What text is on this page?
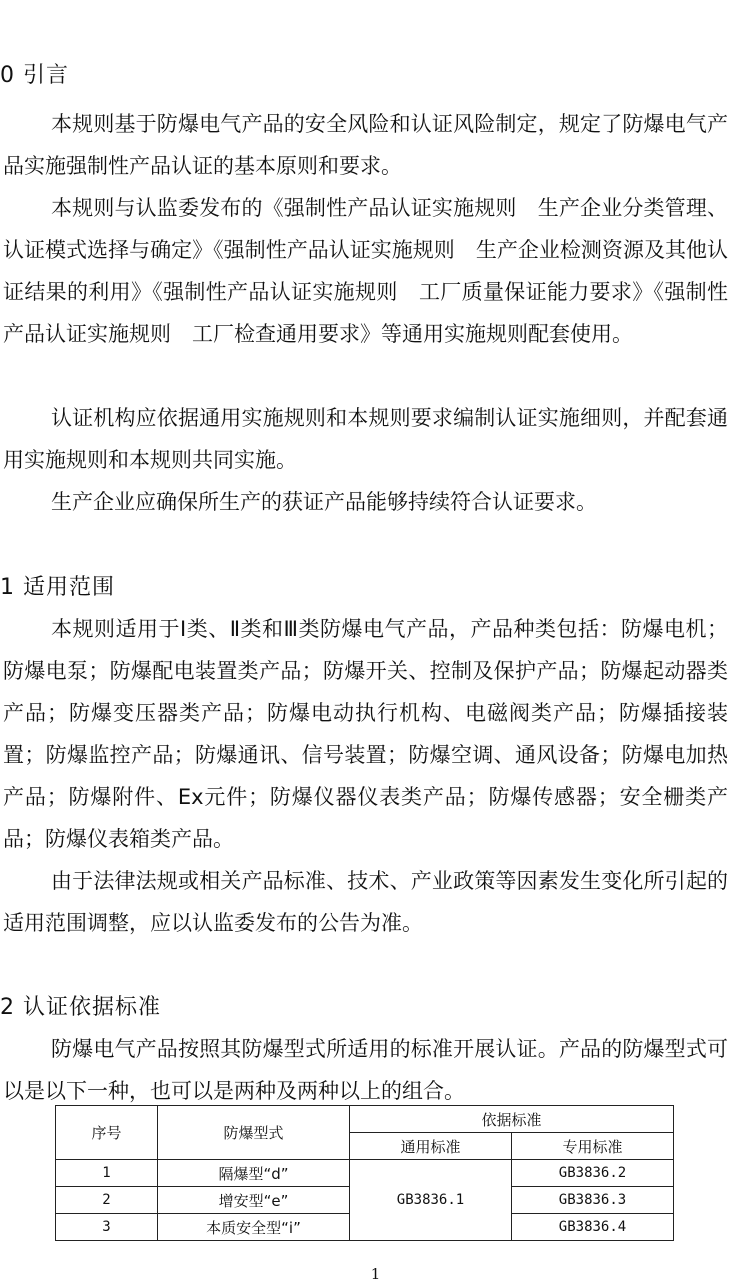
0 引言

本规则基于防爆电气产品的安全风险和认证风险制定，规定了防爆电气产品实施强制性产品认证的基本原则和要求。

本规则与认监委发布的《强制性产品认证实施规则　生产企业分类管理、认证模式选择与确定》《强制性产品认证实施规则　生产企业检测资源及其他认证结果的利用》《强制性产品认证实施规则　工厂质量保证能力要求》《强制性产品认证实施规则　工厂检查通用要求》等通用实施规则配套使用。

认证机构应依据通用实施规则和本规则要求编制认证实施细则，并配套通用实施规则和本规则共同实施。

生产企业应确保所生产的获证产品能够持续符合认证要求。

1 适用范围

本规则适用于Ⅰ类、Ⅱ类和Ⅲ类防爆电气产品，产品种类包括：防爆电机；防爆电泵；防爆配电装置类产品；防爆开关、控制及保护产品；防爆起动器类产品；防爆变压器类产品；防爆电动执行机构、电磁阀类产品；防爆插接装置；防爆监控产品；防爆通讯、信号装置；防爆空调、通风设备；防爆电加热产品；防爆附件、Ex元件；防爆仪器仪表类产品；防爆传感器；安全栅类产品；防爆仪表箱类产品。

由于法律法规或相关产品标准、技术、产业政策等因素发生变化所引起的适用范围调整，应以认监委发布的公告为准。

2 认证依据标准

防爆电气产品按照其防爆型式所适用的标准开展认证。产品的防爆型式可以是以下一种，也可以是两种及两种以上的组合。

序号	防爆型式	依据标准	
		通用标准	专用标准
1	隔爆型“d”	GB3836.1	GB3836.2
2	增安型“e”		GB3836.3
3	本质安全型“i”		GB3836.4
1
